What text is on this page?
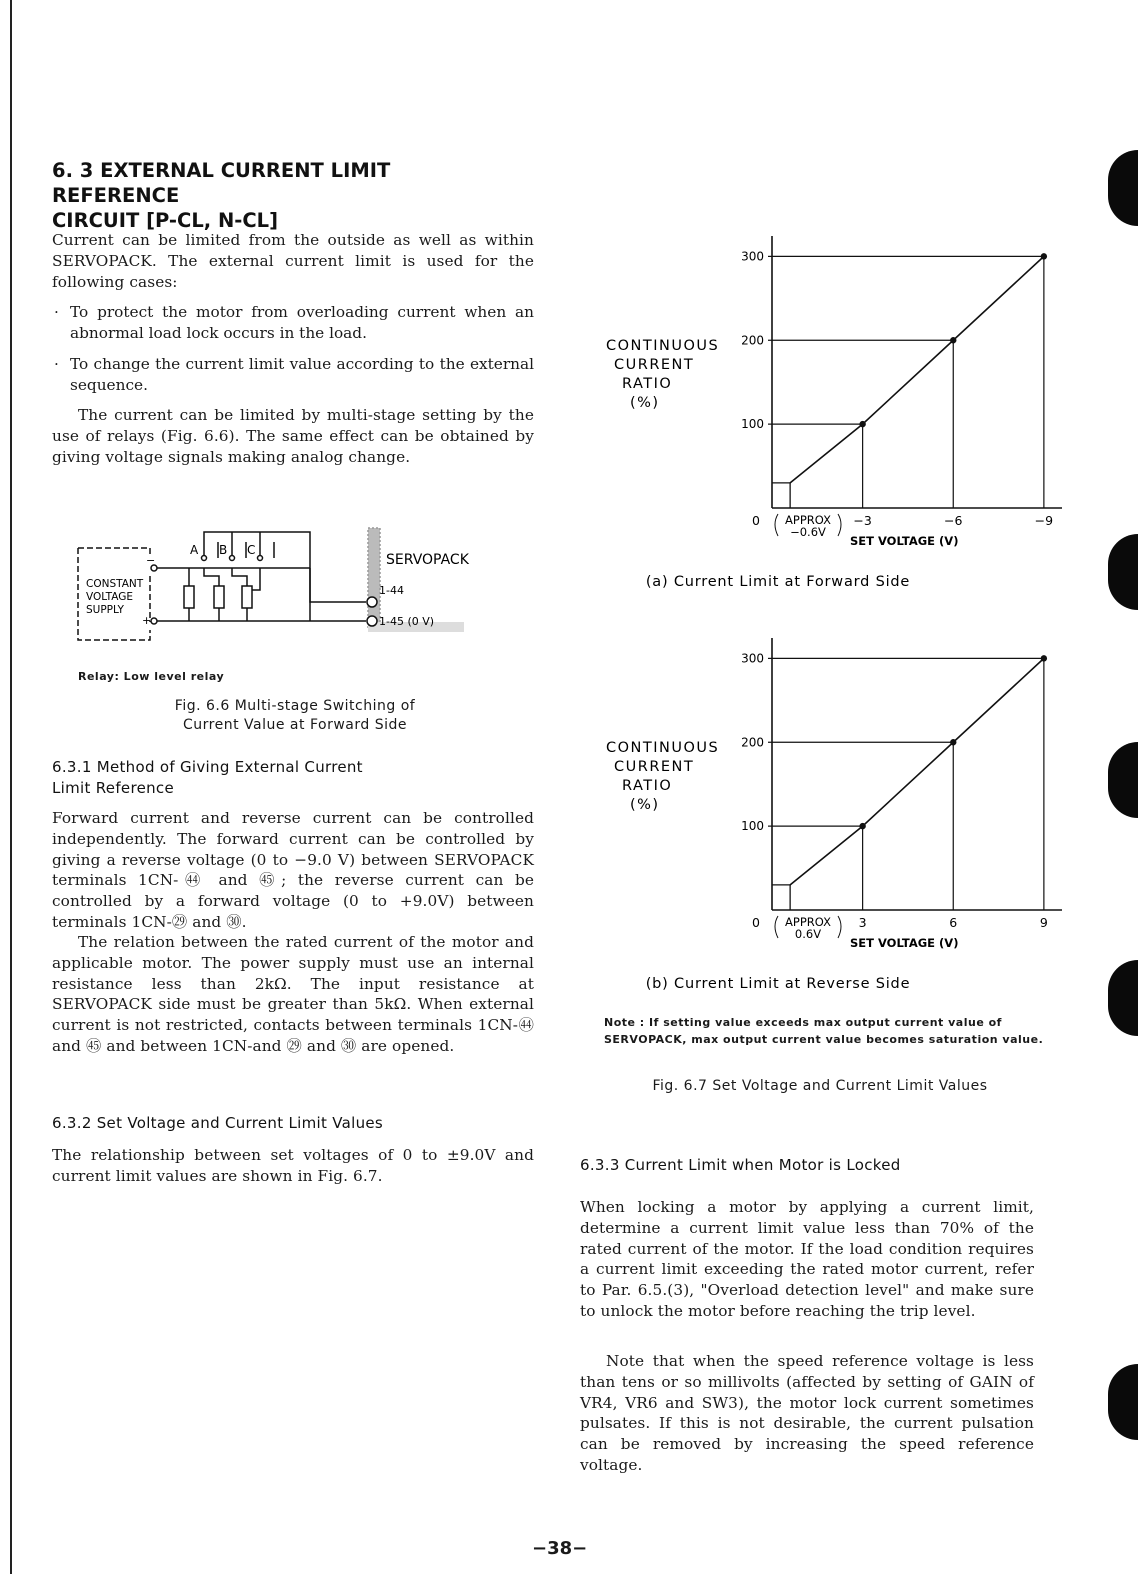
6. 3 EXTERNAL CURRENT LIMIT REFERENCE
CIRCUIT [P-CL, N-CL]

Current can be limited from the outside as well as within SERVOPACK. The external current limit is used for the following cases:

· To protect the motor from overloading current when an abnormal load lock occurs in the load.

· To change the current limit value according to the external sequence.

The current can be limited by multi-stage setting by the use of relays (Fig. 6.6). The same effect can be obtained by giving voltage signals making analog change.

A B C
CONSTANT
VOLTAGE
SUPPLY
−
+
SERVOPACK
1-44
1-45 (0 V)

Relay: Low level relay

Fig. 6.6 Multi-stage Switching of
Current Value at Forward Side

6.3.1 Method of Giving External Current
Limit Reference

Forward current and reverse current can be controlled independently. The forward current can be controlled by giving a reverse voltage (0 to −9.0 V) between SERVOPACK terminals 1CN-㊹ and ㊺; the reverse current can be controlled by a forward voltage (0 to +9.0V) between terminals 1CN-㉙ and ㉚.

The relation between the rated current of the motor and applicable motor. The power supply must use an internal resistance less than 2kΩ. The input resistance at SERVOPACK side must be greater than 5kΩ. When external current is not restricted, contacts between terminals 1CN-㊹ and ㊺ and between 1CN-and ㉙ and ㉚ are opened.

6.3.2 Set Voltage and Current Limit Values

The relationship between set voltages of 0 to ±9.0V and current limit values are shown in Fig. 6.7.

100
200
300
−3	−6	−9
0 APPROX
−0.6V
SET VOLTAGE (V)
CONTINUOUS
CURRENT
RATIO
(%)
(a) Current Limit at Forward Side
100
200
300
3	6	9
0 APPROX
0.6V
SET VOLTAGE (V)
CONTINUOUS
CURRENT
RATIO
(%)
(b) Current Limit at Reverse Side

Note : If setting value exceeds max output current value of
SERVOPACK, max output current value becomes saturation value.

Fig. 6.7 Set Voltage and Current Limit Values

6.3.3 Current Limit when Motor is Locked

When locking a motor by applying a current limit, determine a current limit value less than 70% of the rated current of the motor. If the load condition requires a current limit exceeding the rated motor current, refer to Par. 6.5.(3), "Overload detection level" and make sure to unlock the motor before reaching the trip level.

Note that when the speed reference voltage is less than tens or so millivolts (affected by setting of GAIN of VR4, VR6 and SW3), the motor lock current sometimes pulsates. If this is not desirable, the current pulsation can be removed by increasing the speed reference voltage.

−38−
